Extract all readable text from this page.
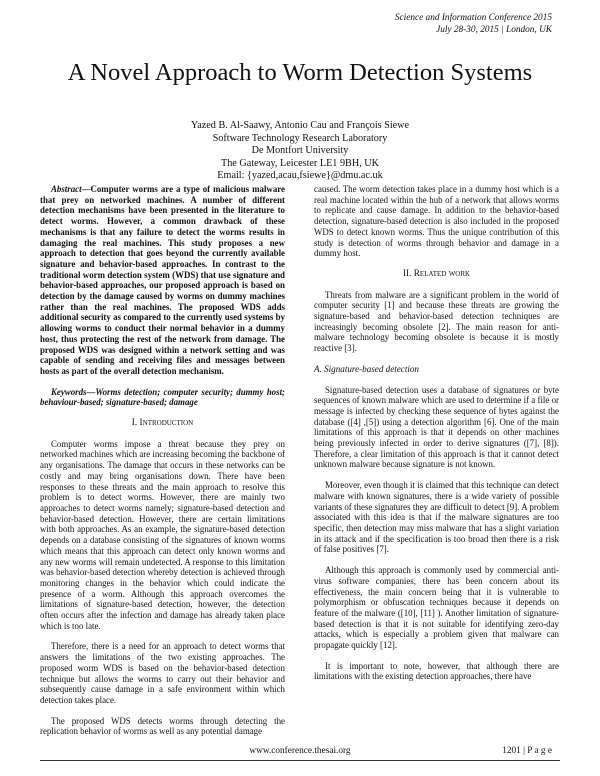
Science and Information Conference 2015
July 28-30, 2015 | London, UK
A Novel Approach to Worm Detection Systems
Yazed B. Al-Saawy, Antonio Cau and François Siewe
Software Technology Research Laboratory
De Montfort University
The Gateway, Leicester LE1 9BH, UK
Email: {yazed,acau,fsiewe}@dmu.ac.uk

Abstract—Computer worms are a type of malicious malware that prey on networked machines. A number of different detection mechanisms have been presented in the literature to detect worms. However, a common drawback of these mechanisms is that any failure to detect the worms results in damaging the real machines. This study proposes a new approach to detection that goes beyond the currently available signature and behavior-based approaches. In contrast to the traditional worm detection system (WDS) that use signature and behavior-based approaches, our proposed approach is based on detection by the damage caused by worms on dummy machines rather than the real machines. The proposed WDS adds additional security as compared to the currently used systems by allowing worms to conduct their normal behavior in a dummy host, thus protecting the rest of the network from damage. The proposed WDS was designed within a network setting and was capable of sending and receiving files and messages between hosts as part of the overall detection mechanism.

Keywords—Worms detection; computer security; dummy host; behaviour-based; signature-based; damage

I. Introduction

Computer worms impose a threat because they prey on networked machines which are increasing becoming the backbone of any organisations. The damage that occurs in these networks can be costly and may bring organisations down. There have been responses to these threats and the main approach to resolve this problem is to detect worms. However, there are mainly two approaches to detect worms namely; signature-based detection and behavior-based detection. However, there are certain limitations with both approaches. As an example, the signature-based detection depends on a database consisting of the signatures of known worms which means that this approach can detect only known worms and any new worms will remain undetected. A response to this limitation was behavior-based detection whereby detection is achieved through monitoring changes in the behavior which could indicate the presence of a worm. Although this approach overcomes the limitations of signature-based detection, however, the detection often occurs after the infection and damage has already taken place which is too late.

Therefore, there is a need for an approach to detect worms that answers the limitations of the two existing approaches. The proposed worm WDS is based on the behavior-based detection technique but allows the worms to carry out their behavior and subsequently cause damage in a safe environment within which detection takes place.

The proposed WDS detects worms through detecting the replication behavior of worms as well as any potential damage

caused. The worm detection takes place in a dummy host which is a real machine located within the hub of a network that allows worms to replicate and cause damage. In addition to the behavior-based detection, signature-based detection is also included in the proposed WDS to detect known worms. Thus the unique contribution of this study is detection of worms through behavior and damage in a dummy host.

II. Related work

Threats from malware are a significant problem in the world of computer security [1] and because these threats are growing the signature-based and behavior-based detection techniques are increasingly becoming obsolete [2]. The main reason for anti-malware technology becoming obsolete is because it is mostly reactive [3].

A. Signature-based detection

Signature-based detection uses a database of signatures or byte sequences of known malware which are used to determine if a file or message is infected by checking these sequence of bytes against the database ([4] ,[5]) using a detection algorithm [6]. One of the main limitations of this approach is that it depends on other machines being previously infected in order to derive signatures ([7], [8]). Therefore, a clear limitation of this approach is that it cannot detect unknown malware because signature is not known.

Moreover, even though it is claimed that this technique can detect malware with known signatures, there is a wide variety of possible variants of these signatures they are difficult to detect [9]. A problem associated with this idea is that if the malware signatures are too specific, then detection may miss malware that has a slight variation in its attack and if the specification is too broad then there is a risk of false positives [7].

Although this approach is commonly used by commercial anti-virus software companies, there has been concern about its effectiveness, the main concern being that it is vulnerable to polymorphism or obfuscation techniques because it depends on feature of the malware ([10], [11] ). Another limitation of signature-based detection is that it is not suitable for identifying zero-day attacks, which is especially a problem given that malware can propagate quickly [12].

It is important to note, however, that although there are limitations with the existing detection approaches, there have

www.conference.thesai.org	1201 | P a g e
